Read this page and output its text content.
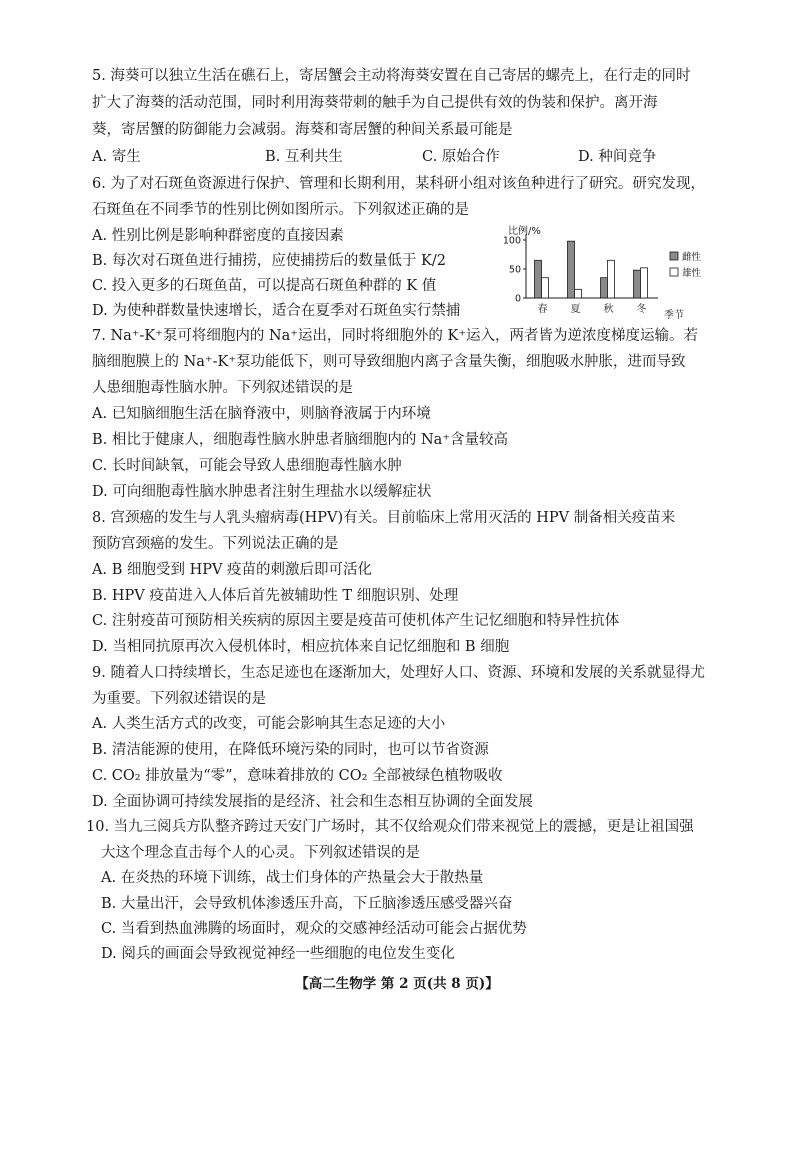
5. 海葵可以独立生活在礁石上，寄居蟹会主动将海葵安置在自己寄居的螺壳上，在行走的同时
扩大了海葵的活动范围，同时利用海葵带刺的触手为自己提供有效的伪装和保护。离开海
葵，寄居蟹的防御能力会减弱。海葵和寄居蟹的种间关系最可能是
A. 寄生	B. 互利共生	C. 原始合作	D. 种间竞争
6. 为了对石斑鱼资源进行保护、管理和长期利用，某科研小组对该鱼种进行了研究。研究发现，
石斑鱼在不同季节的性别比例如图所示。下列叙述正确的是
A. 性别比例是影响种群密度的直接因素
B. 每次对石斑鱼进行捕捞，应使捕捞后的数量低于 K/2
C. 投入更多的石斑鱼苗，可以提高石斑鱼种群的 K 值
D. 为使种群数量快速增长，适合在夏季对石斑鱼实行禁捕
比例/%
季节
雌性
雄性
0
50
100
春 夏 秋 冬
7. Na⁺-K⁺泵可将细胞内的 Na⁺运出，同时将细胞外的 K⁺运入，两者皆为逆浓度梯度运输。若
脑细胞膜上的 Na⁺-K⁺泵功能低下，则可导致细胞内离子含量失衡，细胞吸水肿胀，进而导致
人患细胞毒性脑水肿。下列叙述错误的是
A. 已知脑细胞生活在脑脊液中，则脑脊液属于内环境
B. 相比于健康人，细胞毒性脑水肿患者脑细胞内的 Na⁺含量较高
C. 长时间缺氧，可能会导致人患细胞毒性脑水肿
D. 可向细胞毒性脑水肿患者注射生理盐水以缓解症状
8. 宫颈癌的发生与人乳头瘤病毒(HPV)有关。目前临床上常用灭活的 HPV 制备相关疫苗来
预防宫颈癌的发生。下列说法正确的是
A. B 细胞受到 HPV 疫苗的刺激后即可活化
B. HPV 疫苗进入人体后首先被辅助性 T 细胞识别、处理
C. 注射疫苗可预防相关疾病的原因主要是疫苗可使机体产生记忆细胞和特异性抗体
D. 当相同抗原再次入侵机体时，相应抗体来自记忆细胞和 B 细胞
9. 随着人口持续增长，生态足迹也在逐渐加大，处理好人口、资源、环境和发展的关系就显得尤
为重要。下列叙述错误的是
A. 人类生活方式的改变，可能会影响其生态足迹的大小
B. 清洁能源的使用，在降低环境污染的同时，也可以节省资源
C. CO₂ 排放量为“零”，意味着排放的 CO₂ 全部被绿色植物吸收
D. 全面协调可持续发展指的是经济、社会和生态相互协调的全面发展
10. 当九三阅兵方队整齐跨过天安门广场时，其不仅给观众们带来视觉上的震撼，更是让祖国强
大这个理念直击每个人的心灵。下列叙述错误的是
A. 在炎热的环境下训练，战士们身体的产热量会大于散热量
B. 大量出汗，会导致机体渗透压升高，下丘脑渗透压感受器兴奋
C. 当看到热血沸腾的场面时，观众的交感神经活动可能会占据优势
D. 阅兵的画面会导致视觉神经一些细胞的电位发生变化
【高二生物学 第 2 页(共 8 页)】
